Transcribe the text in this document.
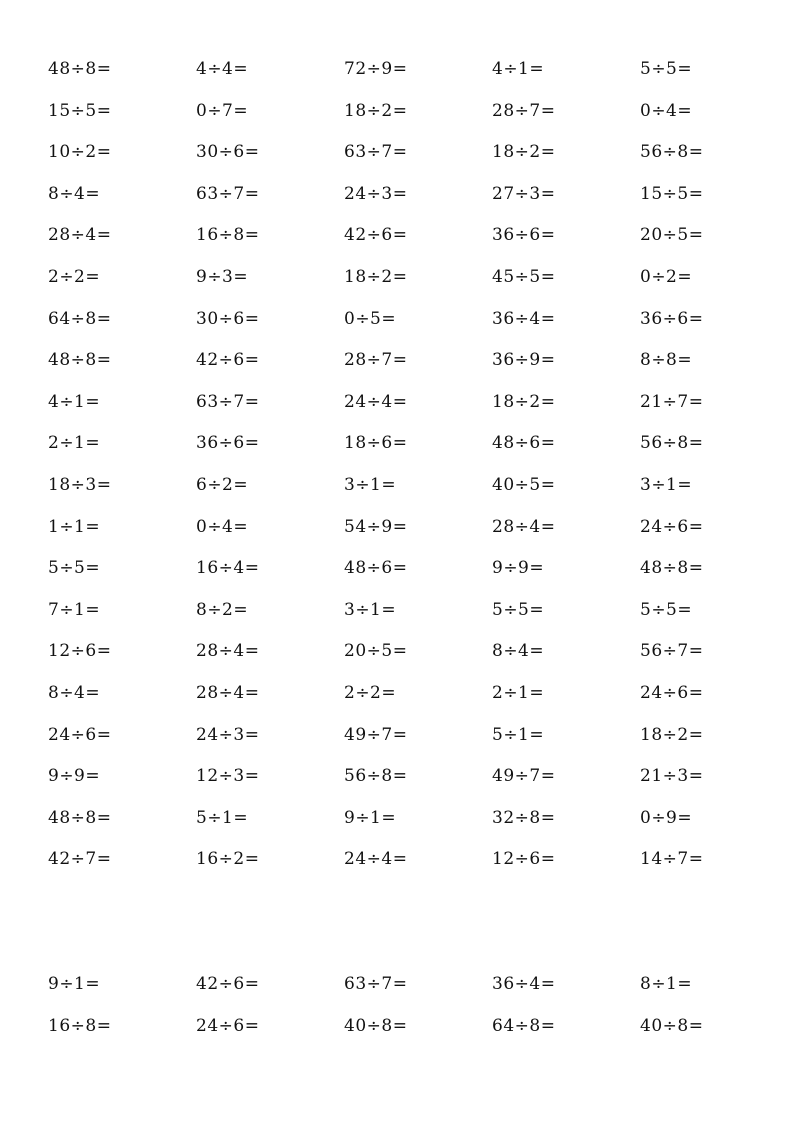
48÷8=	4÷4=	72÷9=	4÷1=	5÷5=
15÷5=	0÷7=	18÷2=	28÷7=	0÷4=
10÷2=	30÷6=	63÷7=	18÷2=	56÷8=
8÷4=	63÷7=	24÷3=	27÷3=	15÷5=
28÷4=	16÷8=	42÷6=	36÷6=	20÷5=
2÷2=	9÷3=	18÷2=	45÷5=	0÷2=
64÷8=	30÷6=	0÷5=	36÷4=	36÷6=
48÷8=	42÷6=	28÷7=	36÷9=	8÷8=
4÷1=	63÷7=	24÷4=	18÷2=	21÷7=
2÷1=	36÷6=	18÷6=	48÷6=	56÷8=
18÷3=	6÷2=	3÷1=	40÷5=	3÷1=
1÷1=	0÷4=	54÷9=	28÷4=	24÷6=
5÷5=	16÷4=	48÷6=	9÷9=	48÷8=
7÷1=	8÷2=	3÷1=	5÷5=	5÷5=
12÷6=	28÷4=	20÷5=	8÷4=	56÷7=
8÷4=	28÷4=	2÷2=	2÷1=	24÷6=
24÷6=	24÷3=	49÷7=	5÷1=	18÷2=
9÷9=	12÷3=	56÷8=	49÷7=	21÷3=
48÷8=	5÷1=	9÷1=	32÷8=	0÷9=
42÷7=	16÷2=	24÷4=	12÷6=	14÷7=
9÷1=	42÷6=	63÷7=	36÷4=	8÷1=
16÷8=	24÷6=	40÷8=	64÷8=	40÷8=
